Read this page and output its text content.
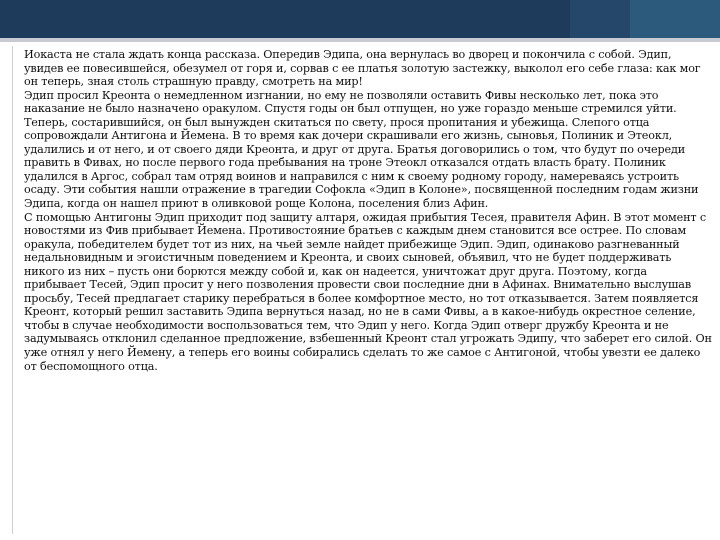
Иокаста не стала ждать конца рассказа. Опередив Эдипа, она вернулась во дворец и покончила с собой. Эдип, увидев ее повесившейся, обезумел от горя и, сорвав с ее платья золотую застежку, выколол его себе глаза: как мог он теперь, зная столь страшную правду, смотреть на мир!

Эдип просил Креонта о немедленном изгнании, но ему не позволяли оставить Фивы несколько лет, пока это наказание не было назначено оракулом. Спустя годы он был отпущен, но уже гораздо меньше стремился уйти. Теперь, состарившийся, он был вынужден скитаться по свету, прося пропитания и убежища. Слепого отца сопровождали Антигона и Йемена. В то время как дочери скрашивали его жизнь, сыновья, Полиник и Этеокл, удалились и от него, и от своего дяди Креонта, и друг от друга. Братья договорились о том, что будут по очереди править в Фивах, но после первого года пребывания на троне Этеокл отказался отдать власть брату. Полиник удалился в Аргос, собрал там отряд воинов и направился с ним к своему родному городу, намереваясь устроить осаду. Эти события нашли отражение в трагедии Софокла «Эдип в Колоне», посвященной последним годам жизни Эдипа, когда он нашел приют в оливковой роще Колона, поселения близ Афин.

С помощью Антигоны Эдип приходит под защиту алтаря, ожидая прибытия Тесея, правителя Афин. В этот момент с новостями из Фив прибывает Йемена. Противостояние братьев с каждым днем становится все острее. По словам оракула, победителем будет тот из них, на чьей земле найдет прибежище Эдип. Эдип, одинаково разгневанный недальновидным и эгоистичным поведением и Креонта, и своих сыновей, объявил, что не будет поддерживать никого из них – пусть они борются между собой и, как он надеется, уничтожат друг друга. Поэтому, когда прибывает Тесей, Эдип просит у него позволения провести свои последние дни в Афинах. Внимательно выслушав просьбу, Тесей предлагает старику перебраться в более комфортное место, но тот отказывается. Затем появляется Креонт, который решил заставить Эдипа вернуться назад, но не в сами Фивы, а в какое-нибудь окрестное селение, чтобы в случае необходимости воспользоваться тем, что Эдип у него. Когда Эдип отверг дружбу Креонта и не задумываясь отклонил сделанное предложение, взбешенный Креонт стал угрожать Эдипу, что заберет его силой. Он уже отнял у него Йемену, а теперь его воины собирались сделать то же самое с Антигоной, чтобы увезти ее далеко от беспомощного отца.
